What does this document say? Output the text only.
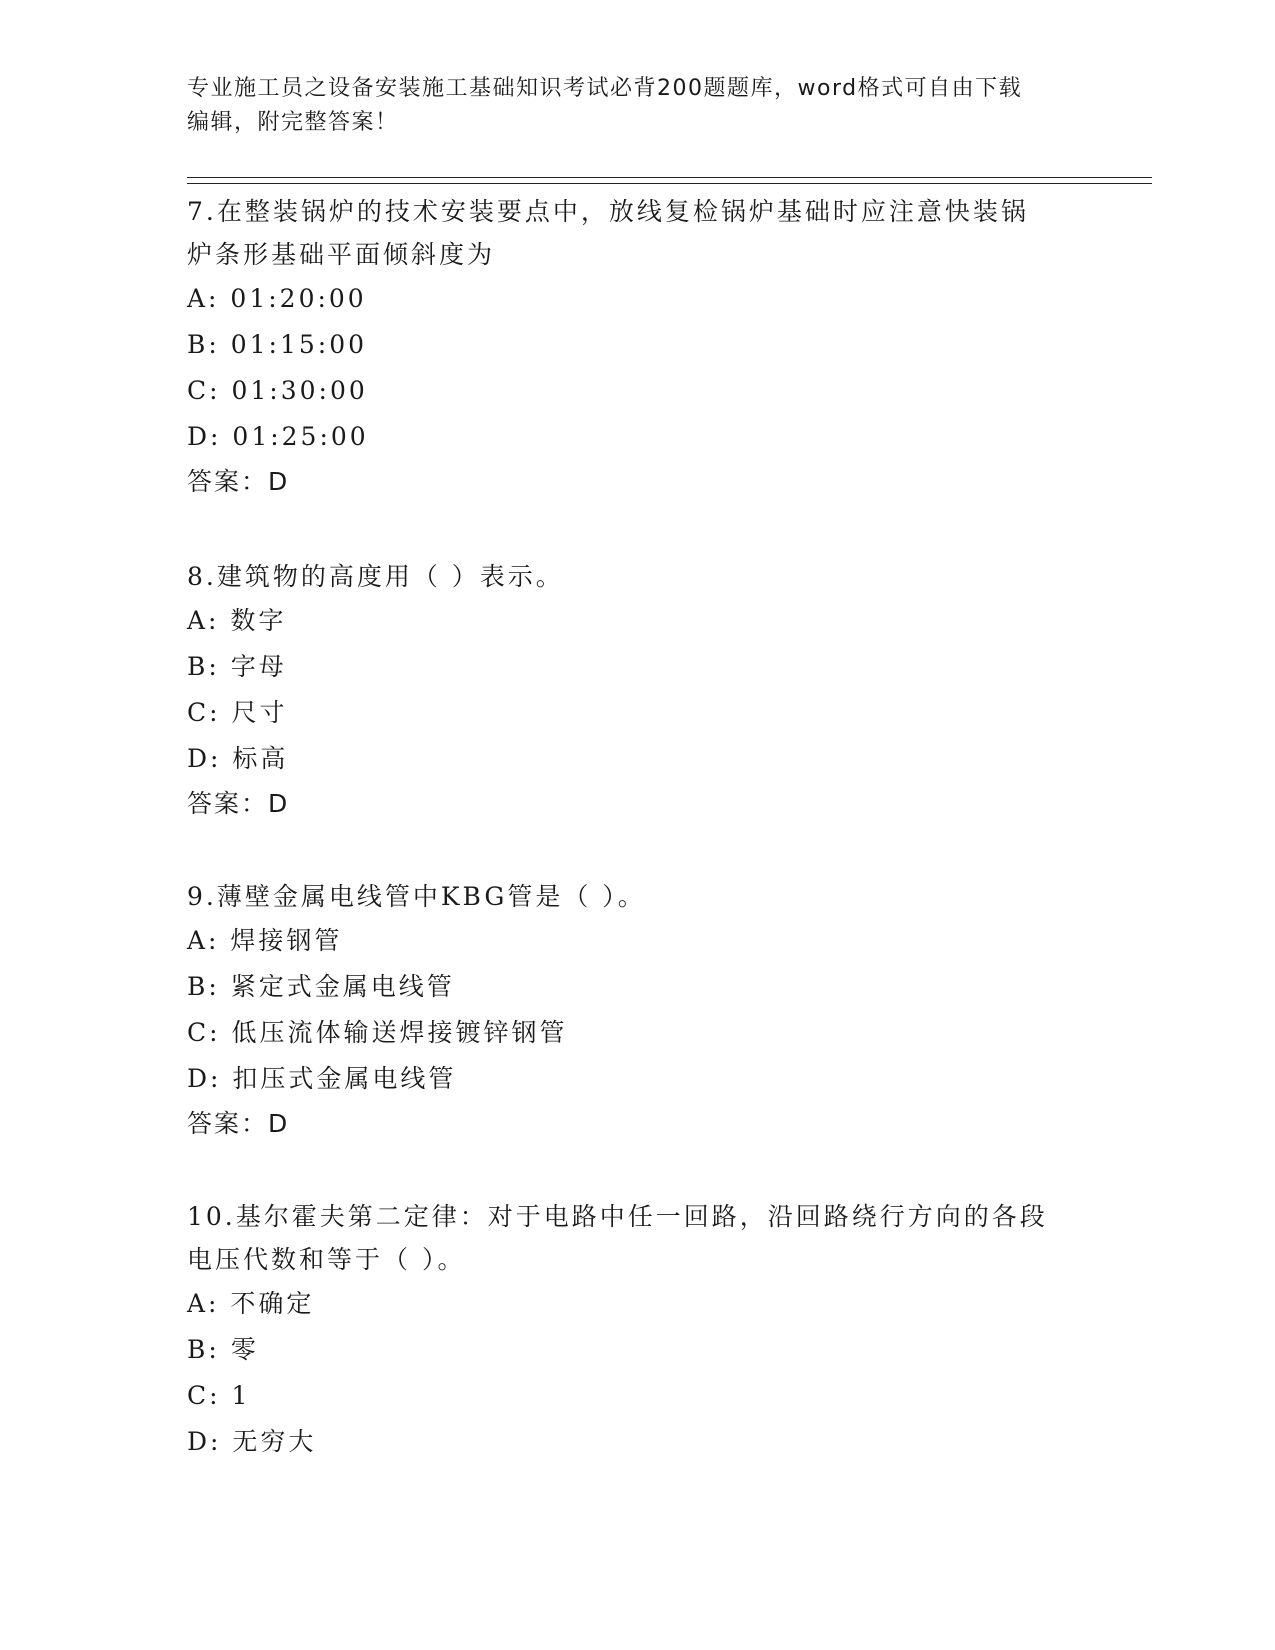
专业施工员之设备安装施工基础知识考试必背200题题库，word格式可自由下载
编辑，附完整答案！

7.在整装锅炉的技术安装要点中，放线复检锅炉基础时应注意快装锅

炉条形基础平面倾斜度为

A: 01:20:00

B: 01:15:00

C: 01:30:00

D: 01:25:00

答案：D

8.建筑物的高度用（ ）表示。

A: 数字

B: 字母

C: 尺寸

D: 标高

答案：D

9.薄壁金属电线管中KBG管是（ ）。

A: 焊接钢管

B: 紧定式金属电线管

C: 低压流体输送焊接镀锌钢管

D: 扣压式金属电线管

答案：D

10.基尔霍夫第二定律：对于电路中任一回路，沿回路绕行方向的各段

电压代数和等于（ ）。

A: 不确定

B: 零

C: 1

D: 无穷大
